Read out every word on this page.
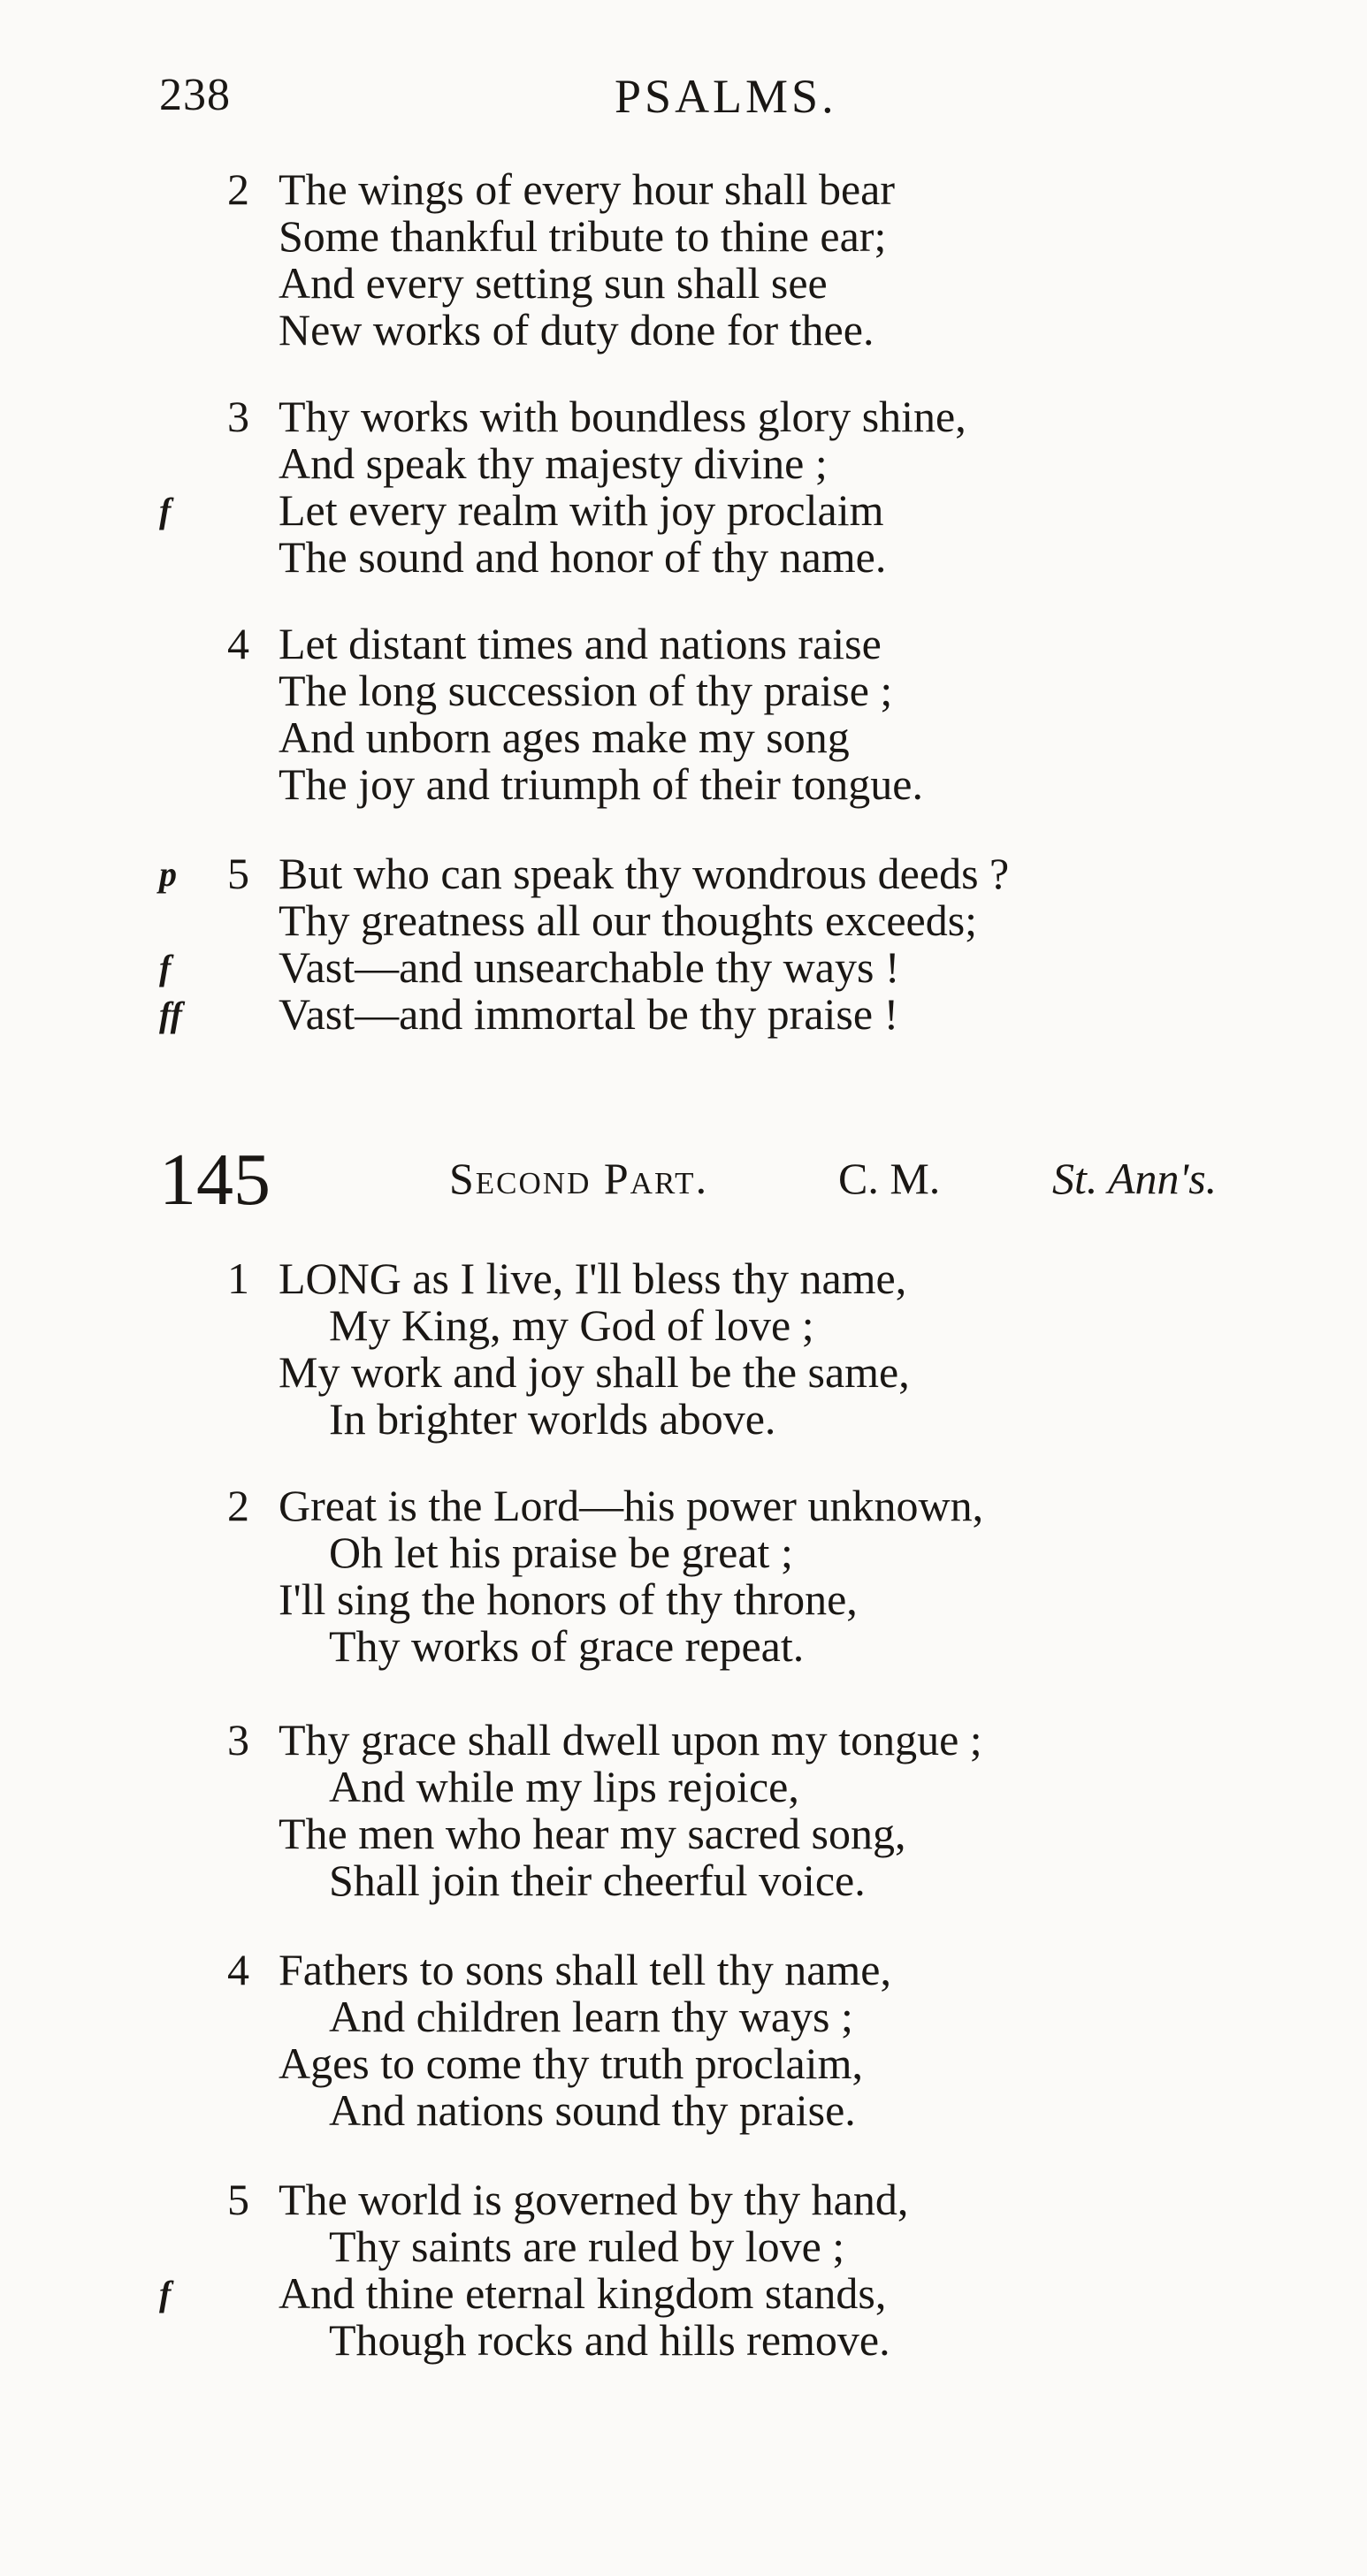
238	PSALMS.
2 The wings of every hour shall bear
Some thankful tribute to thine ear;
And every setting sun shall see
New works of duty done for thee.
3 Thy works with boundless glory shine,
And speak thy majesty divine ;
f Let every realm with joy proclaim
The sound and honor of thy name.
4 Let distant times and nations raise
The long succession of thy praise ;
And unborn ages make my song
The joy and triumph of their tongue.
p 5 But who can speak thy wondrous deeds ?
Thy greatness all our thoughts exceeds;
f Vast—and unsearchable thy ways !
ff Vast—and immortal be thy praise !
145	Second Part.	C. M.	St. Ann's.
1 LONG as I live, I'll bless thy name,
My King, my God of love ;
My work and joy shall be the same,
In brighter worlds above.
2 Great is the Lord—his power unknown,
Oh let his praise be great ;
I'll sing the honors of thy throne,
Thy works of grace repeat.
3 Thy grace shall dwell upon my tongue ;
And while my lips rejoice,
The men who hear my sacred song,
Shall join their cheerful voice.
4 Fathers to sons shall tell thy name,
And children learn thy ways ;
Ages to come thy truth proclaim,
And nations sound thy praise.
5 The world is governed by thy hand,
Thy saints are ruled by love ;
f And thine eternal kingdom stands,
Though rocks and hills remove.
